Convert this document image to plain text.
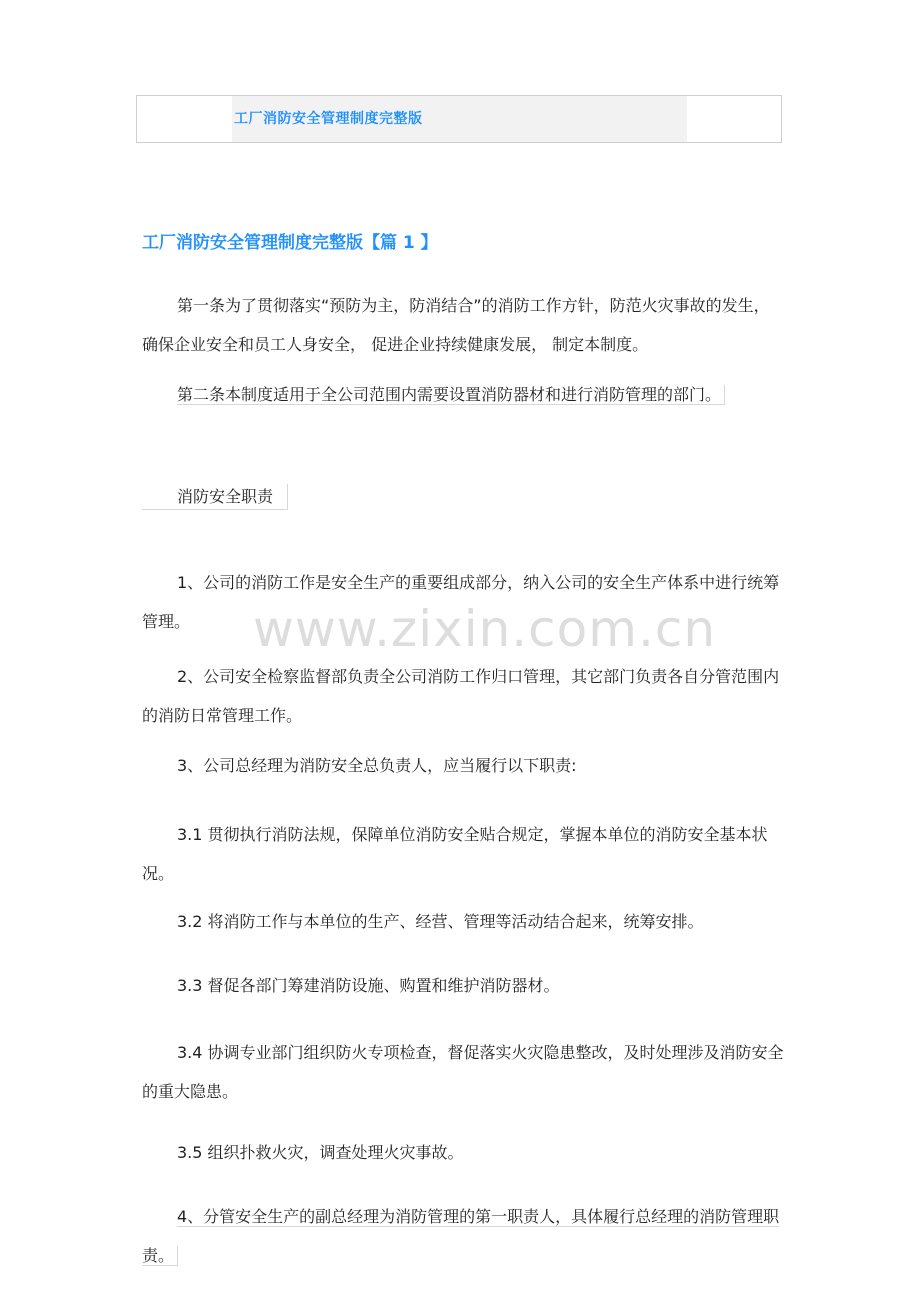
工厂消防安全管理制度完整版
工厂消防安全管理制度完整版【篇 1 】
第一条为了贯彻落实“预防为主，防消结合”的消防工作方针，防范火灾事故的发生， 确保企业安全和员工人身安全， 促进企业持续健康发展， 制定本制度。
第二条本制度适用于全公司范围内需要设置消防器材和进行消防管理的部门。
消防安全职责
1、公司的消防工作是安全生产的重要组成部分，纳入公司的安全生产体系中进行统筹管理。
2、公司安全检察监督部负责全公司消防工作归口管理，其它部门负责各自分管范围内的消防日常管理工作。
3、公司总经理为消防安全总负责人，应当履行以下职责:
3.1 贯彻执行消防法规，保障单位消防安全贴合规定，掌握本单位的消防安全基本状况。
3.2 将消防工作与本单位的生产、经营、管理等活动结合起来，统筹安排。
3.3 督促各部门筹建消防设施、购置和维护消防器材。
3.4 协调专业部门组织防火专项检查，督促落实火灾隐患整改，及时处理涉及消防安全的重大隐患。
3.5 组织扑救火灾，调查处理火灾事故。
4、分管安全生产的副总经理为消防管理的第一职责人，具体履行总经理的消防管理职责。
www.zixin.com.cn
